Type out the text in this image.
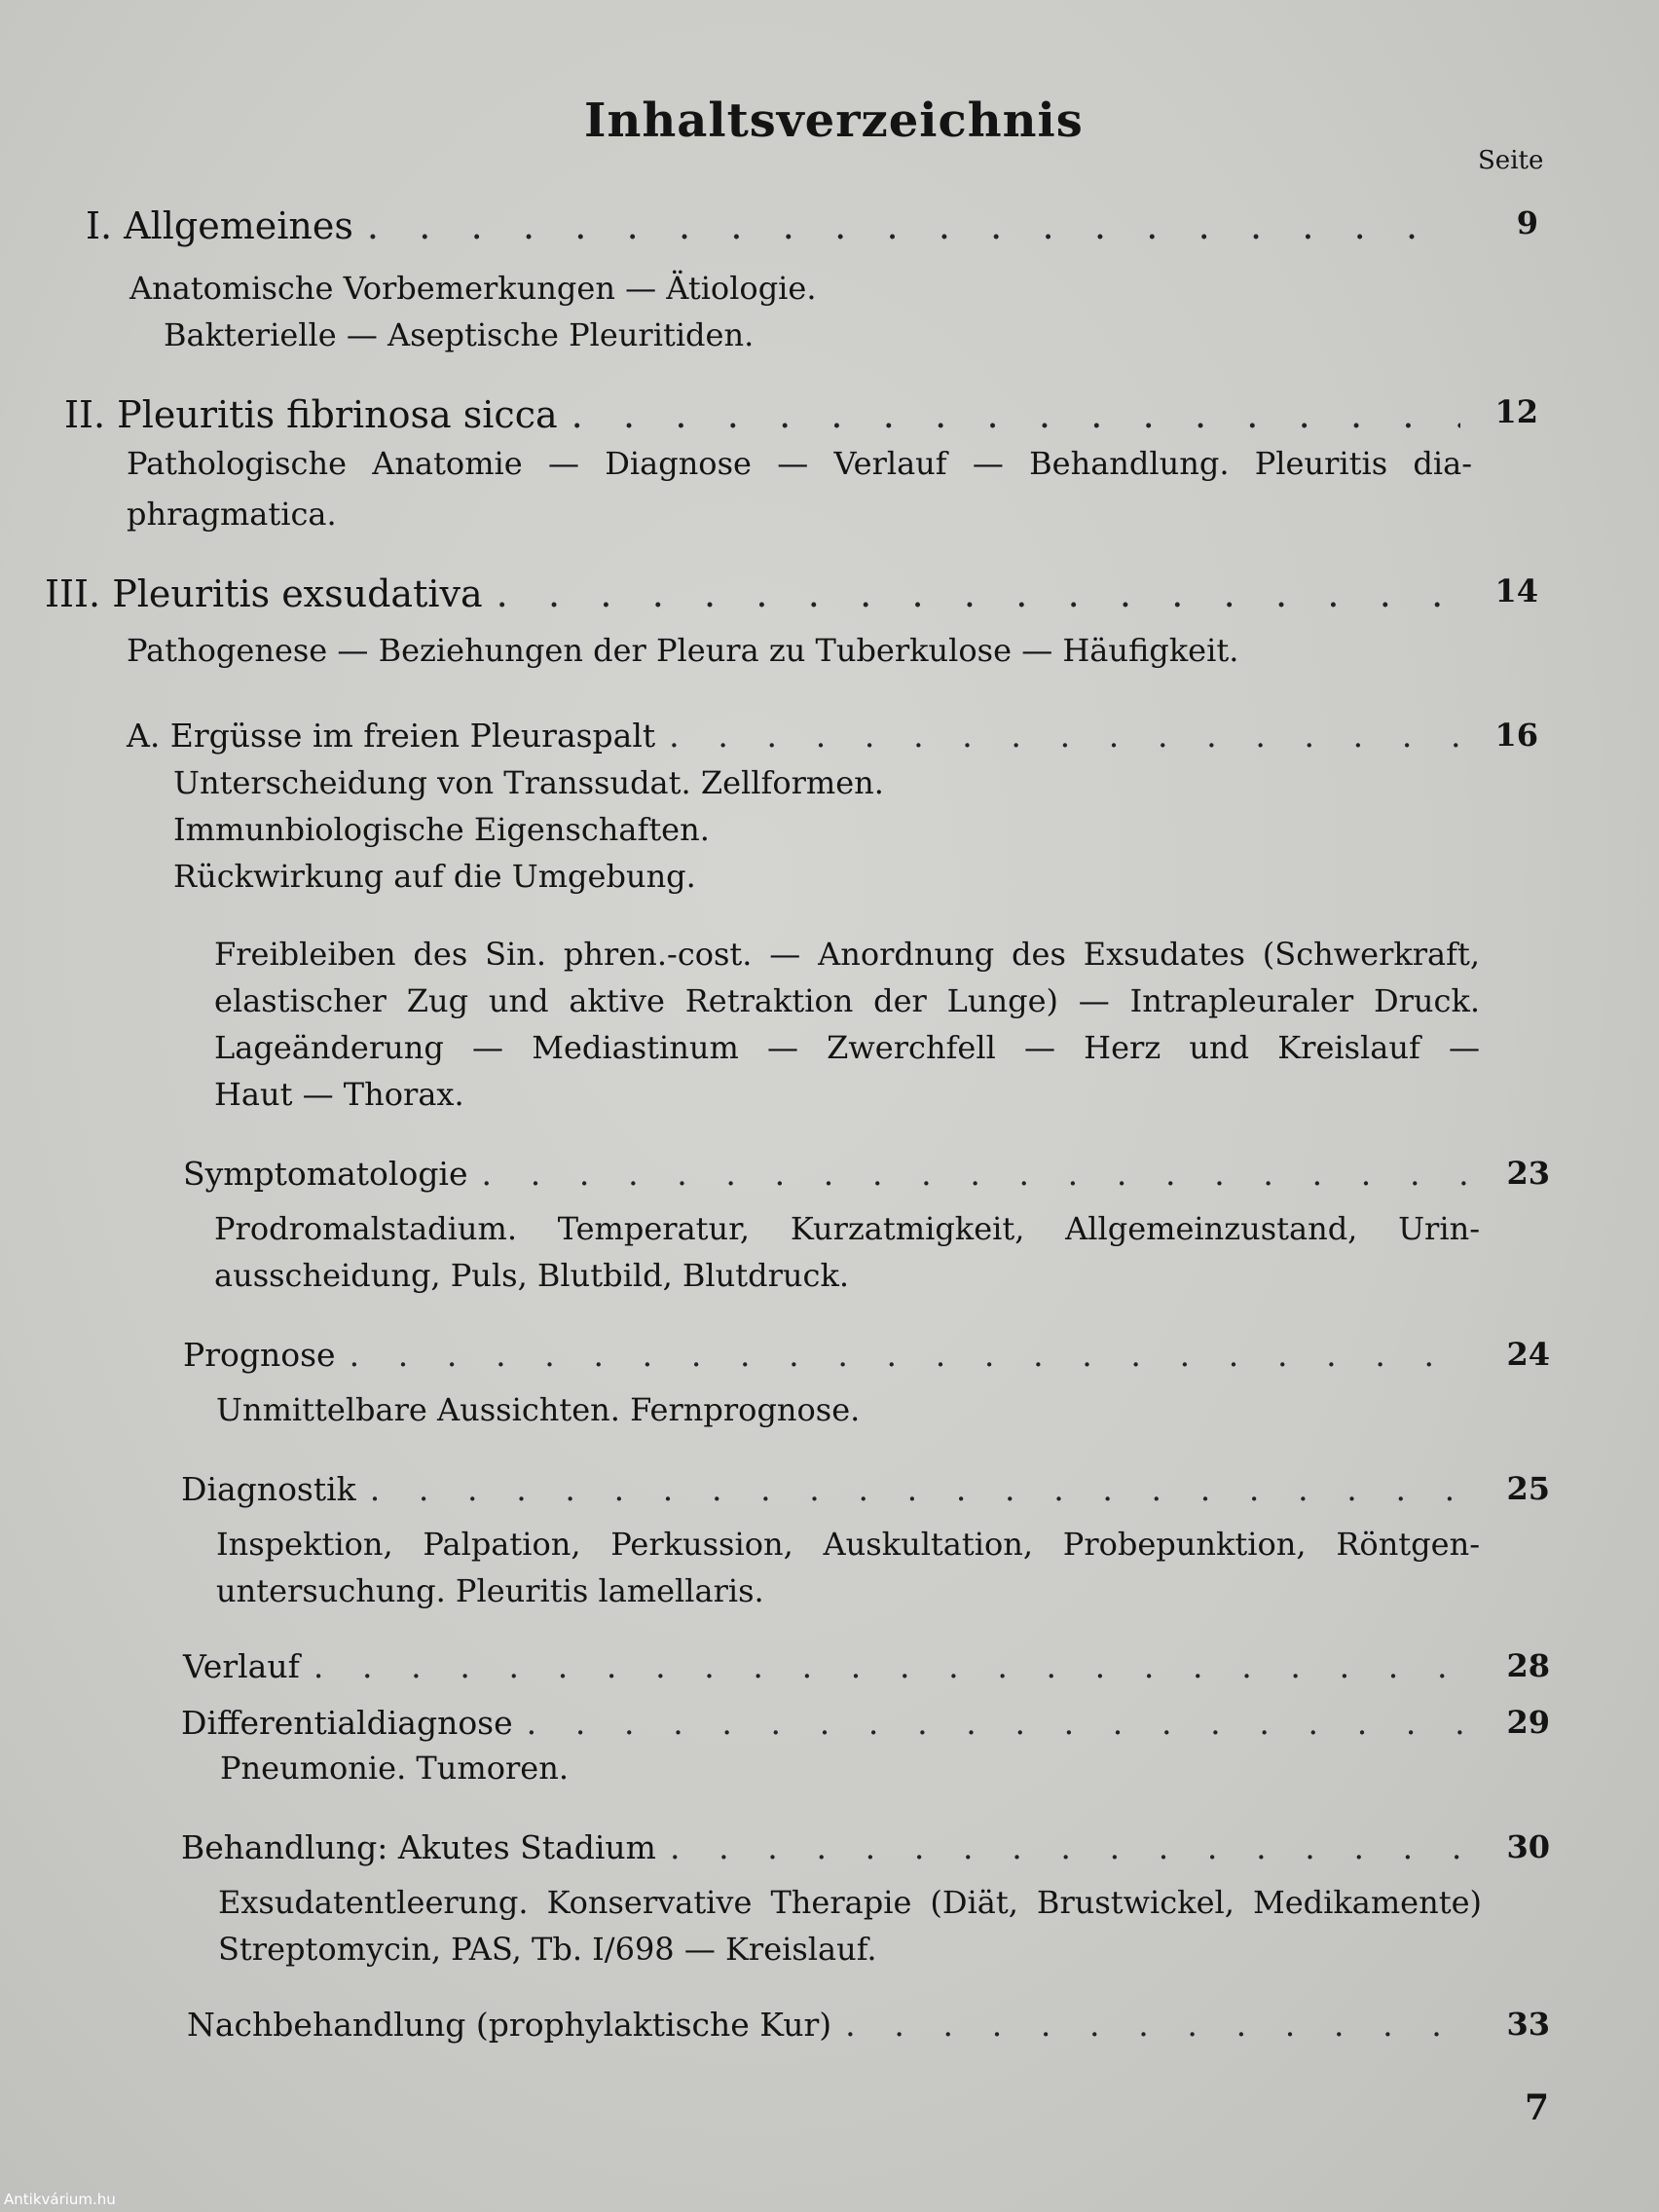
Inhaltsverzeichnis
Seite
I. Allgemeines . . .	9
Anatomische Vorbemerkungen — Ätiologie.
Bakterielle — Aseptische Pleuritiden.
II. Pleuritis fibrinosa sicca . . .	12
Pathologische Anatomie — Diagnose — Verlauf — Behandlung. Pleuritis dia-
phragmatica.
III. Pleuritis exsudativa . . .	14
Pathogenese — Beziehungen der Pleura zu Tuberkulose — Häufigkeit.
A. Ergüsse im freien Pleuraspalt . . .	16
Unterscheidung von Transsudat. Zellformen.
Immunbiologische Eigenschaften.
Rückwirkung auf die Umgebung.
Freibleiben des Sin. phren.-cost. — Anordnung des Exsudates (Schwerkraft,
elastischer Zug und aktive Retraktion der Lunge) — Intrapleuraler Druck.
Lageänderung — Mediastinum — Zwerchfell — Herz und Kreislauf —
Haut — Thorax.
Symptomatologie . . .	23
Prodromalstadium. Temperatur, Kurzatmigkeit, Allgemeinzustand, Urin-
ausscheidung, Puls, Blutbild, Blutdruck.
Prognose . . .	24
Unmittelbare Aussichten. Fernprognose.
Diagnostik . . .	25
Inspektion, Palpation, Perkussion, Auskultation, Probepunktion, Röntgen-
untersuchung. Pleuritis lamellaris.
Verlauf . . .	28
Differentialdiagnose . . .	29
Pneumonie. Tumoren.
Behandlung: Akutes Stadium . . .	30
Exsudatentleerung. Konservative Therapie (Diät, Brustwickel, Medikamente)
Streptomycin, PAS, Tb. I/698 — Kreislauf.
Nachbehandlung (prophylaktische Kur) . . .	33
7
Antikvárium.hu
